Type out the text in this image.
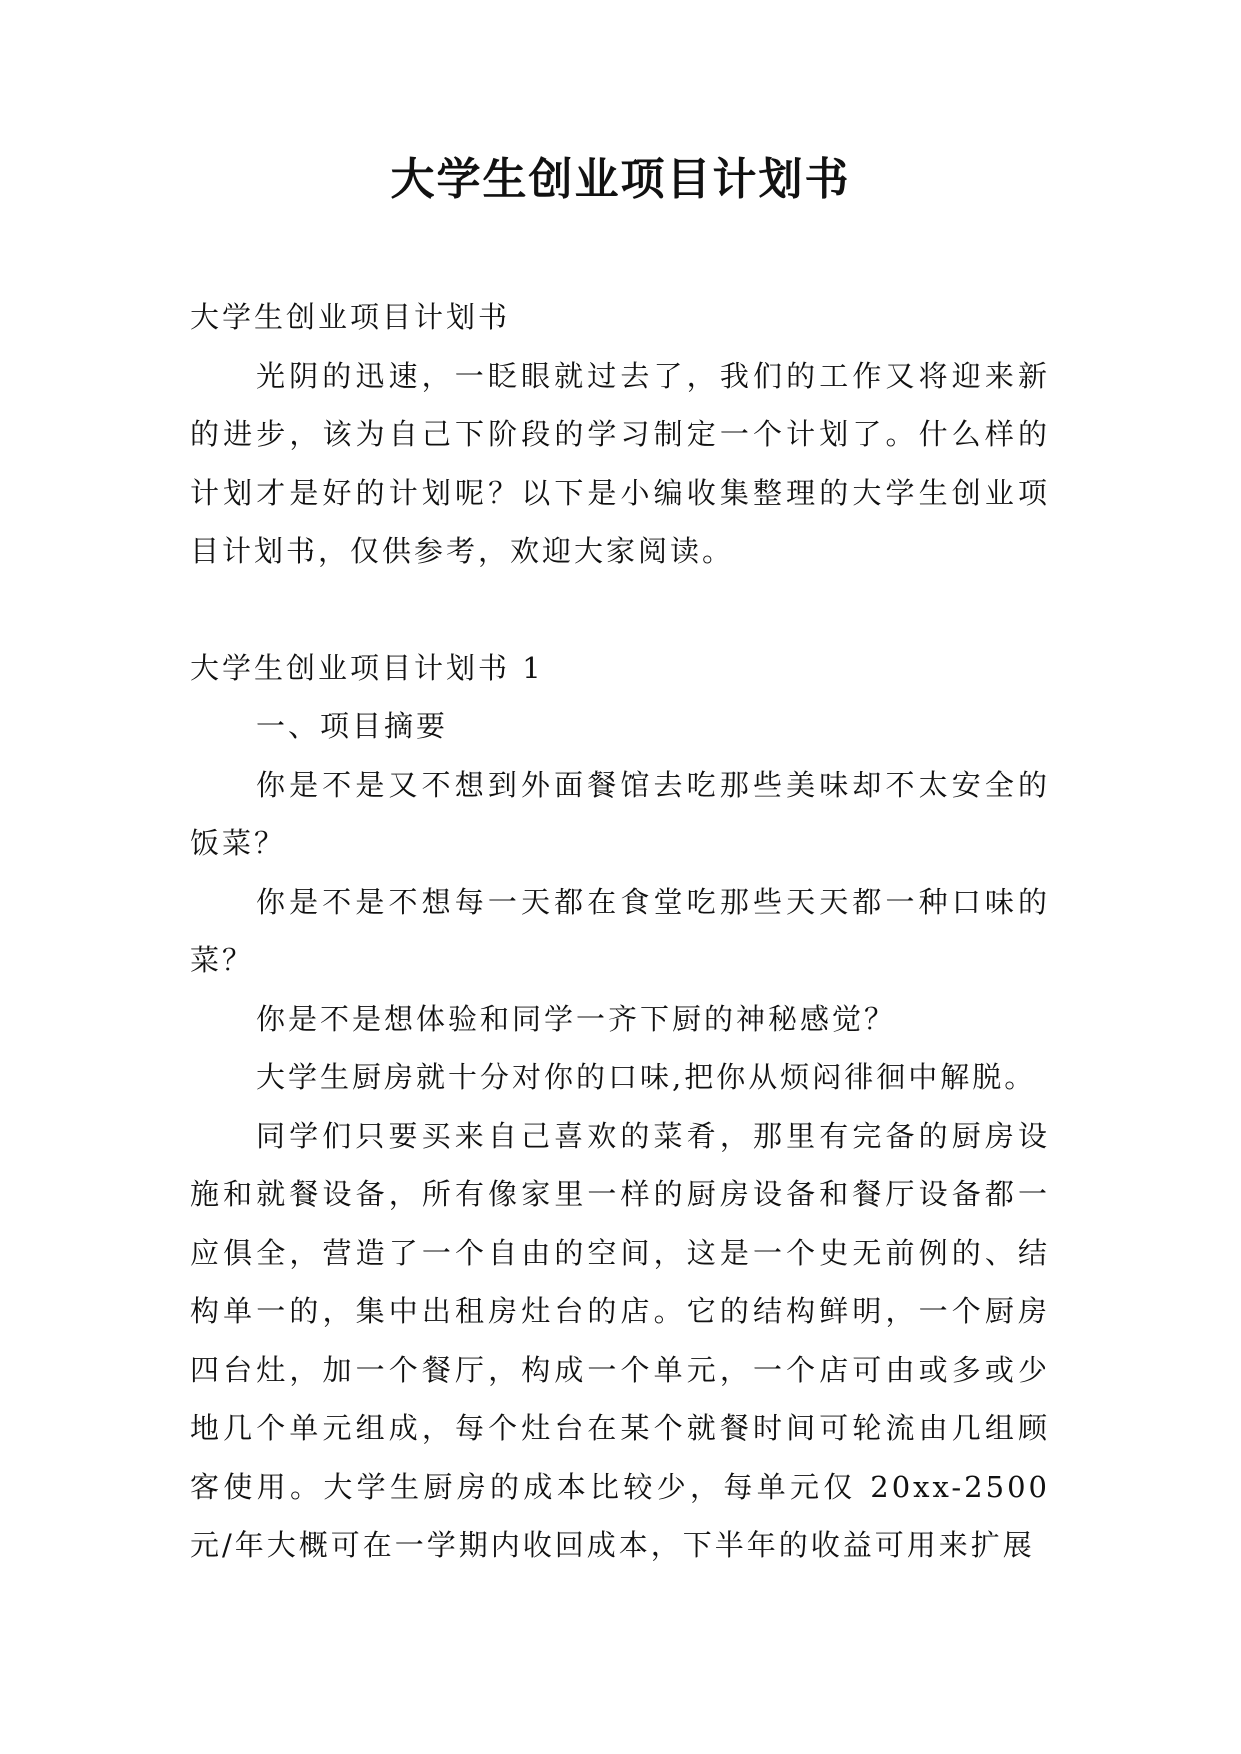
大学生创业项目计划书

大学生创业项目计划书

光阴的迅速，一眨眼就过去了，我们的工作又将迎来新的进步，该为自己下阶段的学习制定一个计划了。什么样的计划才是好的计划呢？以下是小编收集整理的大学生创业项目计划书，仅供参考，欢迎大家阅读。

大学生创业项目计划书 1

一、项目摘要

你是不是又不想到外面餐馆去吃那些美味却不太安全的饭菜？

你是不是不想每一天都在食堂吃那些天天都一种口味的菜？

你是不是想体验和同学一齐下厨的神秘感觉？

大学生厨房就十分对你的口味,把你从烦闷徘徊中解脱。

同学们只要买来自己喜欢的菜肴，那里有完备的厨房设施和就餐设备，所有像家里一样的厨房设备和餐厅设备都一应俱全，营造了一个自由的空间，这是一个史无前例的、结构单一的，集中出租房灶台的店。它的结构鲜明，一个厨房四台灶，加一个餐厅，构成一个单元，一个店可由或多或少地几个单元组成，每个灶台在某个就餐时间可轮流由几组顾客使用。大学生厨房的成本比较少，每单元仅 20xx-2500 元/年大概可在一学期内收回成本，下半年的收益可用来扩展
